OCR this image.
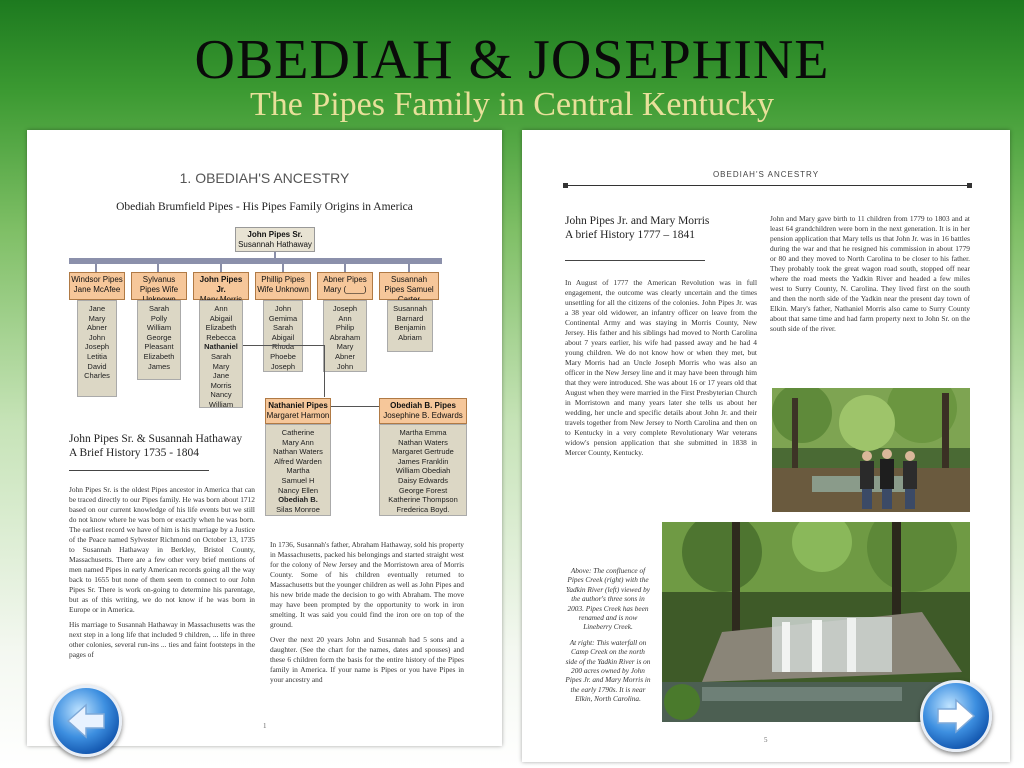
OBEDIAH & JOSEPHINE
The Pipes Family in Central Kentucky
1. OBEDIAH'S ANCESTRY
Obediah Brumfield Pipes - His Pipes Family Origins in America
John Pipes Sr.
Susannah Hathaway
Windsor Pipes Jane McAfee
Sylvanus Pipes Wife
John Pipes Jr.
Phillip Pipes Wife Unknown
Abner Pipes Mary (____)
Susannah Pipes Samuel
Jane
Mary
Abner
John
Joseph
Letitia
David
Charles
Sarah
Polly
William
George
Pleasant
Elizabeth
James
Ann
Abigail
Elizabeth
Rebecca
Nathaniel
Sarah
Mary
Jane
Morris
Nancy
William
John
Gemima
Sarah
Abigail
Rhoda
Phoebe
Joseph
Joseph
Ann
Philip
Abraham
Mary
Abner
John
Susannah
Barnard
Benjamin
Abriam
Nathaniel Pipes
Margaret Harmon
Catherine
Mary Ann
Nathan Waters
Alfred Warden
Martha
Samuel H
Nancy Ellen
Obediah B.
Silas Monroe
Obediah B. Pipes
Josephine B. Edwards
Martha Emma
Nathan Waters
Margaret Gertrude
James Franklin
William Obediah
Daisy Edwards
George Forest
Katherine Thompson
Frederica Boyd.
John Pipes Sr. & Susannah Hathaway
A Brief History 1735 - 1804

John Pipes Sr. is the oldest Pipes ancestor in America that can be traced directly to our Pipes family. He was born about 1712 based on our current knowledge of his life events but we still do not know where he was born or exactly when he was born. The earliest record we have of him is his marriage by a Justice of the Peace named Sylvester Richmond on October 13, 1735 to Susannah Hathaway in Berkley, Bristol County, Massachusetts. There are a few other very brief mentions of men named Pipes in early American records going all the way back to 1655 but none of them seem to connect to our John Pipes Sr. There is work on-going to determine his parentage, but as of this writing, we do not know if he was born in Europe or in America.

His marriage to Susannah Hathaway in Massachusetts was the next step in a long life that included 9 children, ... life in three other colonies, several run-ins ... ties and faint footsteps in the pages of

In 1736, Susannah's father, Abraham Hathaway, sold his property in Massachusetts, packed his belongings and started straight west for the colony of New Jersey and the Morristown area of Morris County. Some of his children eventually returned to Massachusetts but the younger children as well as John Pipes and his new bride made the decision to go with Abraham. The move may have been prompted by the opportunity to work in iron smelting. It was said you could find the iron ore on top of the ground.

Over the next 20 years John and Susannah had 5 sons and a daughter. (See the chart for the names, dates and spouses) and these 6 children form the basis for the entire history of the Pipes family in America. If your name is Pipes or you have Pipes in your ancestry and

1
OBEDIAH'S ANCESTRY
John Pipes Jr. and Mary Morris
A brief History 1777 – 1841
In August of 1777 the American Revolution was in full engagement, the outcome was clearly uncertain and the times unsettling for all the citizens of the colonies. John Pipes Jr. was a 38 year old widower, an infantry officer on leave from the Continental Army and was staying in Morris County, New Jersey. His father and his siblings had moved to North Carolina about 7 years earlier, his wife had passed away and he had 4 young children. We do not know how or when they met, but Mary Morris had an Uncle Joseph Morris who was also an officer in the New Jersey line and it may have been through him that they were introduced. She was about 16 or 17 years old that August when they were married in the First Presbyterian Church in Morristown and many years later she tells us about her wedding, her uncle and specific details about John Jr. and their travels together from New Jersey to North Carolina and then on to Kentucky in a very complete Revolutionary War veterans widow's pension application that she submitted in 1838 in Mercer County, Kentucky.
John and Mary gave birth to 11 children from 1779 to 1803 and at least 64 grandchildren were born in the next generation. It is in her pension application that Mary tells us that John Jr. was in 16 battles during the war and that he resigned his commission in about 1779 or 80 and they moved to North Carolina to be closer to his father. They probably took the great wagon road south, stopped off near where the road meets the Yadkin River and headed a few miles west to Surry County, N. Carolina. They lived first on the south and then the north side of the Yadkin near the present day town of Elkin. Mary's father, Nathaniel Morris also came to Surry County about that same time and had farm property next to John Sr. on the south side of the river.

Above: The confluence of Pipes Creek (right) with the Yadkin River (left) viewed by the author's three sons in 2003. Pipes Creek has been renamed and is now Lineberry Creek.

At right: This waterfall on Camp Creek on the north side of the Yadkin River is on 200 acres owned by John Pipes Jr. and Mary Morris in the early 1790s. It is near Elkin, North Carolina.

5
